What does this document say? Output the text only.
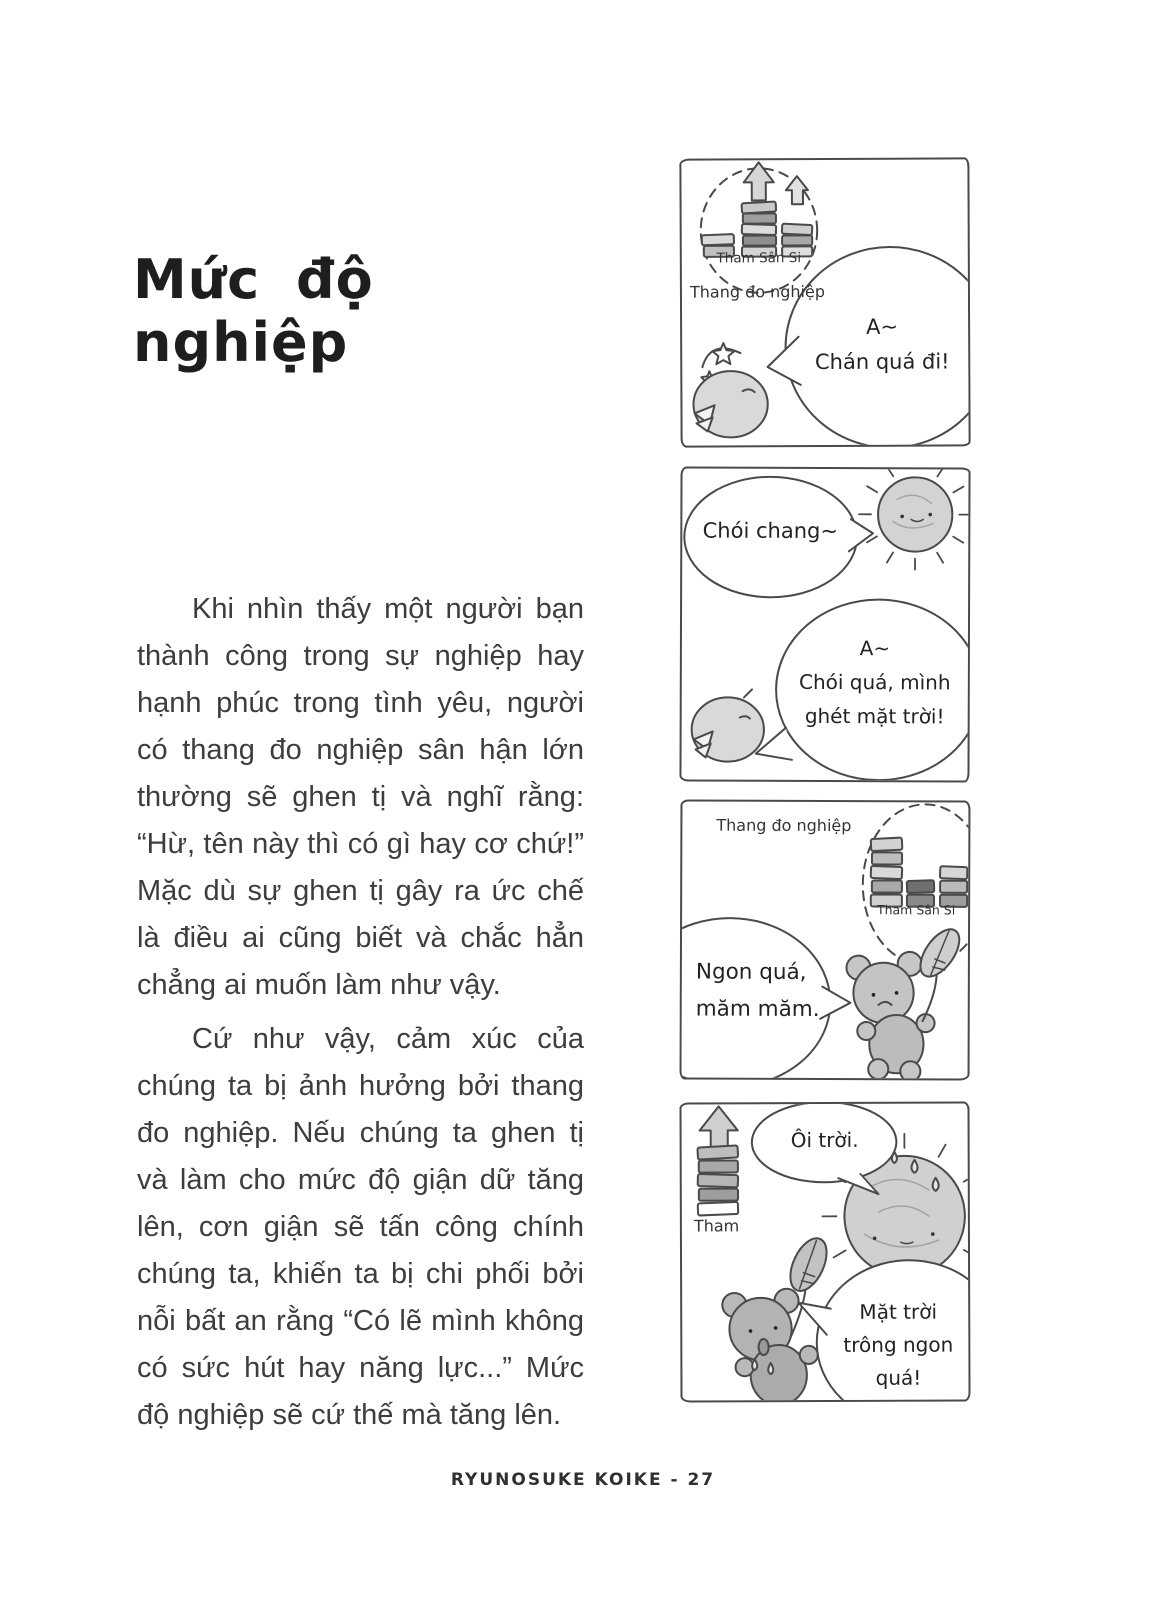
Mức độ nghiệp

Khi nhìn thấy một người bạn thành công trong sự nghiệp hay hạnh phúc trong tình yêu, người có thang đo nghiệp sân hận lớn thường sẽ ghen tị và nghĩ rằng: “Hừ, tên này thì có gì hay cơ chứ!” Mặc dù sự ghen tị gây ra ức chế là điều ai cũng biết và chắc hẳn chẳng ai muốn làm như vậy.

Cứ như vậy, cảm xúc của chúng ta bị ảnh hưởng bởi thang đo nghiệp. Nếu chúng ta ghen tị và làm cho mức độ giận dữ tăng lên, cơn giận sẽ tấn công chính chúng ta, khiến ta bị chi phối bởi nỗi bất an rằng “Có lẽ mình không có sức hút hay năng lực...” Mức độ nghiệp sẽ cứ thế mà tăng lên.

Tham Sân Si
Thang đo nghiệp
A~
Chán quá đi!
Chói chang~
A~
Chói quá, mình
ghét mặt trời!
Thang đo nghiệp
Tham Sân Si
Ngon quá,
măm măm.
Tham
Ôi trời.
Mặt trời
trông ngon
quá!
RYUNOSUKE KOIKE - 27
